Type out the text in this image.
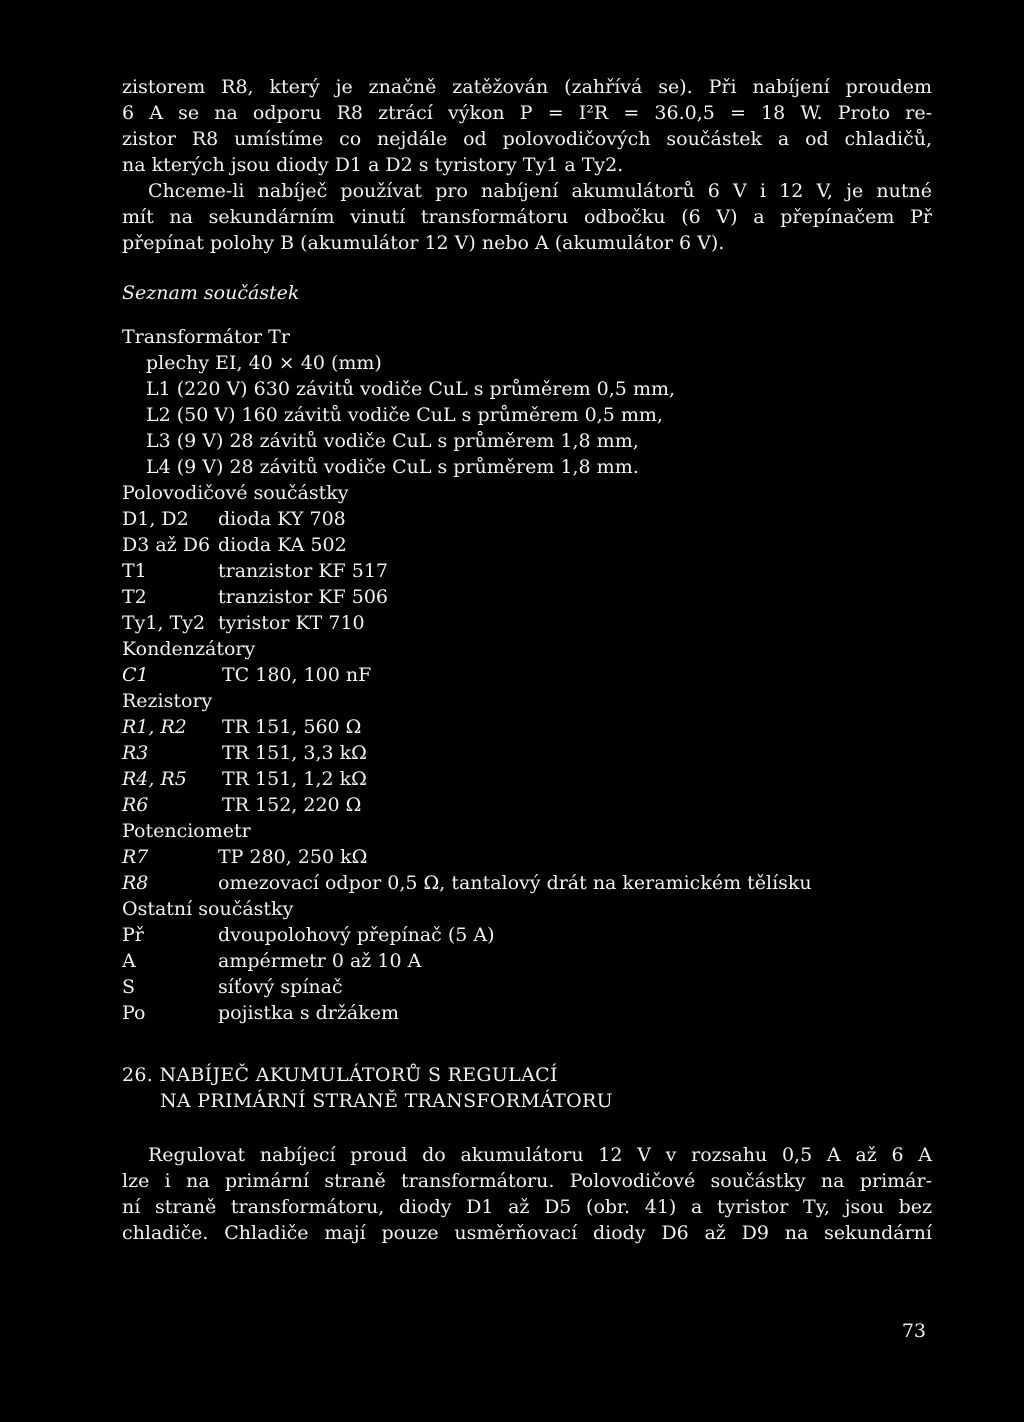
zistorem R8, který je značně zatěžován (zahřívá se). Při nabíjení proudem
6 A se na odporu R8 ztrácí výkon P = I²R = 36.0,5 = 18 W. Proto re-
zistor R8 umístíme co nejdále od polovodičových součástek a od chladičů,
na kterých jsou diody D1 a D2 s tyristory Ty1 a Ty2.
Chceme-li nabíječ používat pro nabíjení akumulátorů 6 V i 12 V, je nutné
mít na sekundárním vinutí transformátoru odbočku (6 V) a přepínačem Př
přepínat polohy B (akumulátor 12 V) nebo A (akumulátor 6 V).
Seznam součástek
Transformátor Tr
plechy EI, 40 × 40 (mm)
L1 (220 V) 630 závitů vodiče CuL s průměrem 0,5 mm,
L2 (50 V) 160 závitů vodiče CuL s průměrem 0,5 mm,
L3 (9 V) 28 závitů vodiče CuL s průměrem 1,8 mm,
L4 (9 V) 28 závitů vodiče CuL s průměrem 1,8 mm.
Polovodičové součástky
D1, D2	dioda KY 708
D3 až D6 dioda KA 502
T1	tranzistor KF 517
T2	tranzistor KF 506
Ty1, Ty2 tyristor KT 710
Kondenzátory
C1	TC 180, 100 nF
Rezistory
R1, R2	TR 151, 560 Ω
R3	TR 151, 3,3 kΩ
R4, R5	TR 151, 1,2 kΩ
R6	TR 152, 220 Ω
Potenciometr
R7	TP 280, 250 kΩ
R8	omezovací odpor 0,5 Ω, tantalový drát na keramickém tělísku
Ostatní součástky
Př	dvoupolohový přepínač (5 A)
A	ampérmetr 0 až 10 A
S	síťový spínač
Po	pojistka s držákem
26. NABÍJEČ AKUMULÁTORŮ S REGULACÍ
NA PRIMÁRNÍ STRANĚ TRANSFORMÁTORU
Regulovat nabíjecí proud do akumulátoru 12 V v rozsahu 0,5 A až 6 A
lze i na primární straně transformátoru. Polovodičové součástky na primár-
ní straně transformátoru, diody D1 až D5 (obr. 41) a tyristor Ty, jsou bez
chladiče. Chladiče mají pouze usměrňovací diody D6 až D9 na sekundární
73
